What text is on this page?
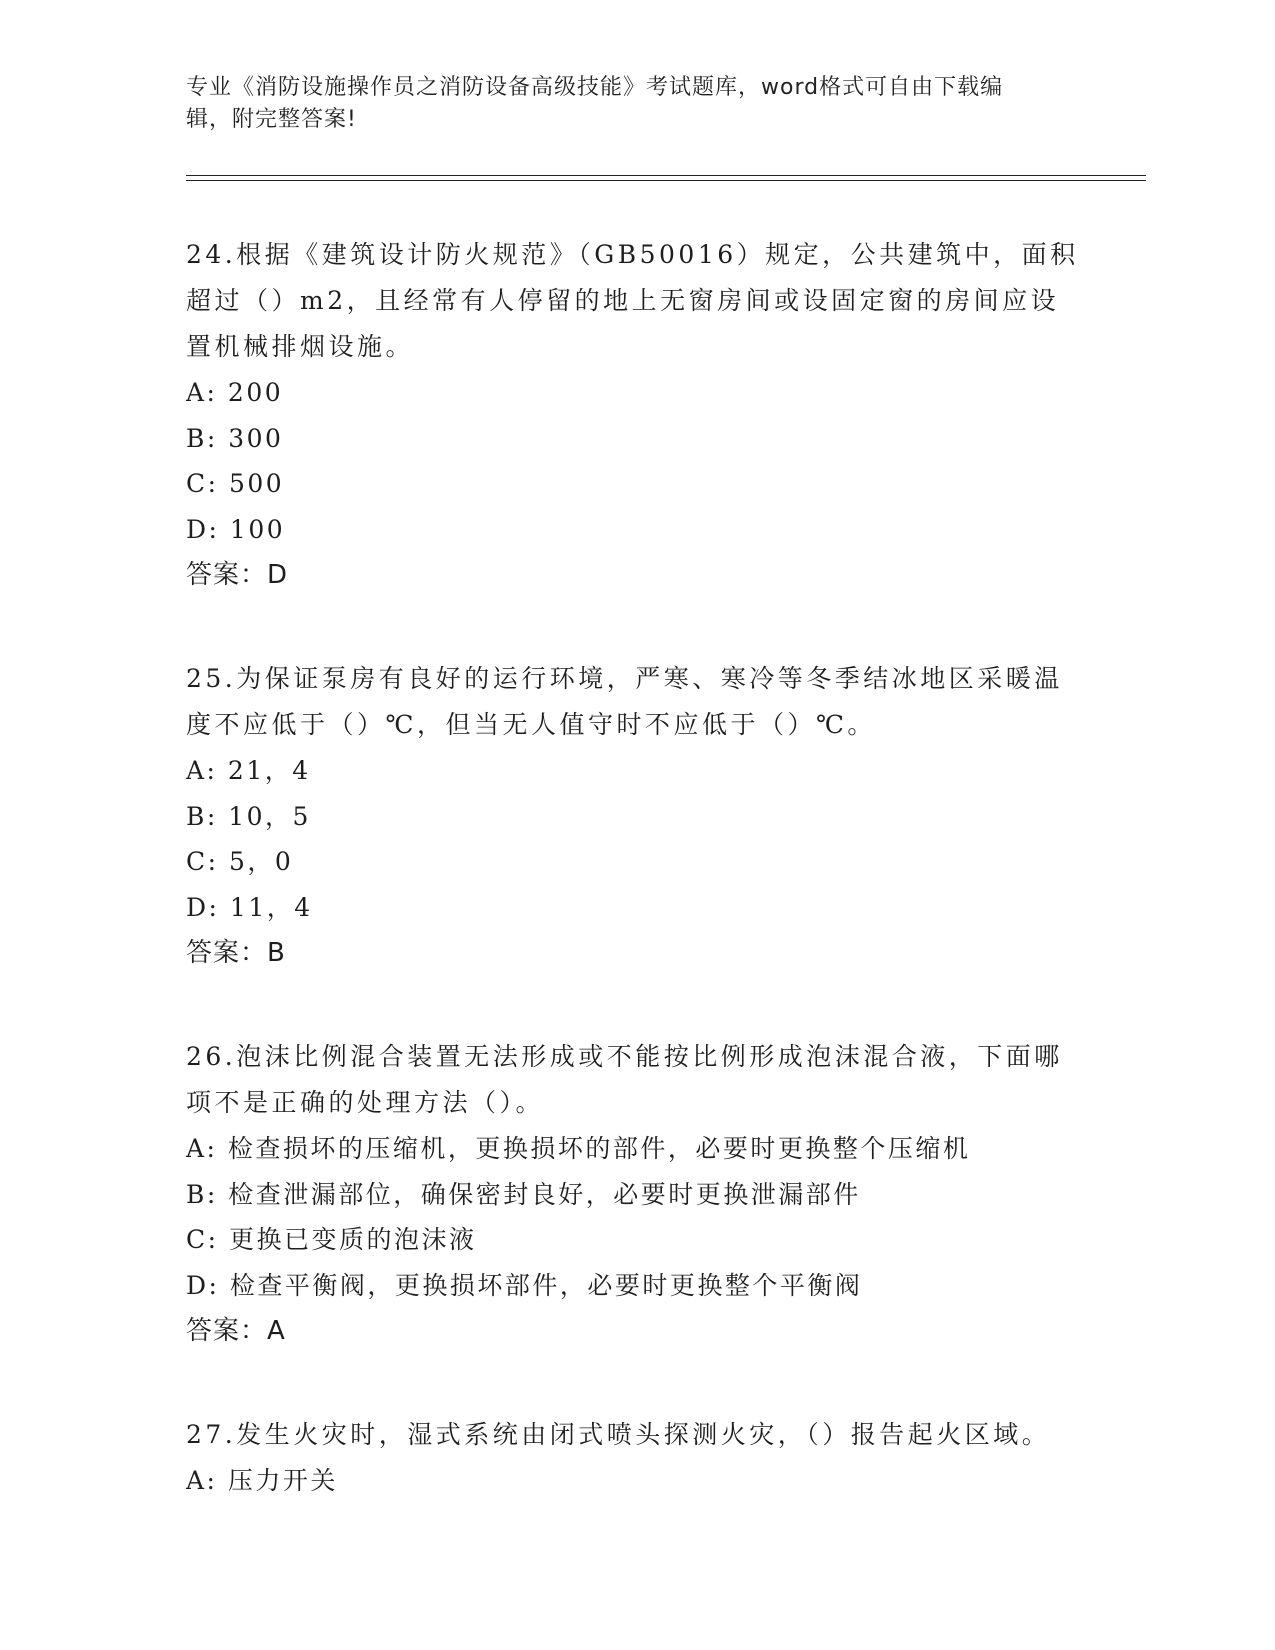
专业《消防设施操作员之消防设备高级技能》考试题库，word格式可自由下载编
辑，附完整答案!
24.根据《建筑设计防火规范》（GB50016）规定，公共建筑中，面积
超过（）m2，且经常有人停留的地上无窗房间或设固定窗的房间应设
置机械排烟设施。
A: 200
B: 300
C: 500
D: 100
答案：D
25.为保证泵房有良好的运行环境，严寒、寒冷等冬季结冰地区采暖温
度不应低于（）℃，但当无人值守时不应低于（）℃。
A: 21，4
B: 10，5
C: 5，0
D: 11，4
答案：B
26.泡沫比例混合装置无法形成或不能按比例形成泡沫混合液，下面哪
项不是正确的处理方法（）。
A: 检查损坏的压缩机，更换损坏的部件，必要时更换整个压缩机
B: 检查泄漏部位，确保密封良好，必要时更换泄漏部件
C: 更换已变质的泡沫液
D: 检查平衡阀，更换损坏部件，必要时更换整个平衡阀
答案：A
27.发生火灾时，湿式系统由闭式喷头探测火灾，（）报告起火区域。
A: 压力开关
